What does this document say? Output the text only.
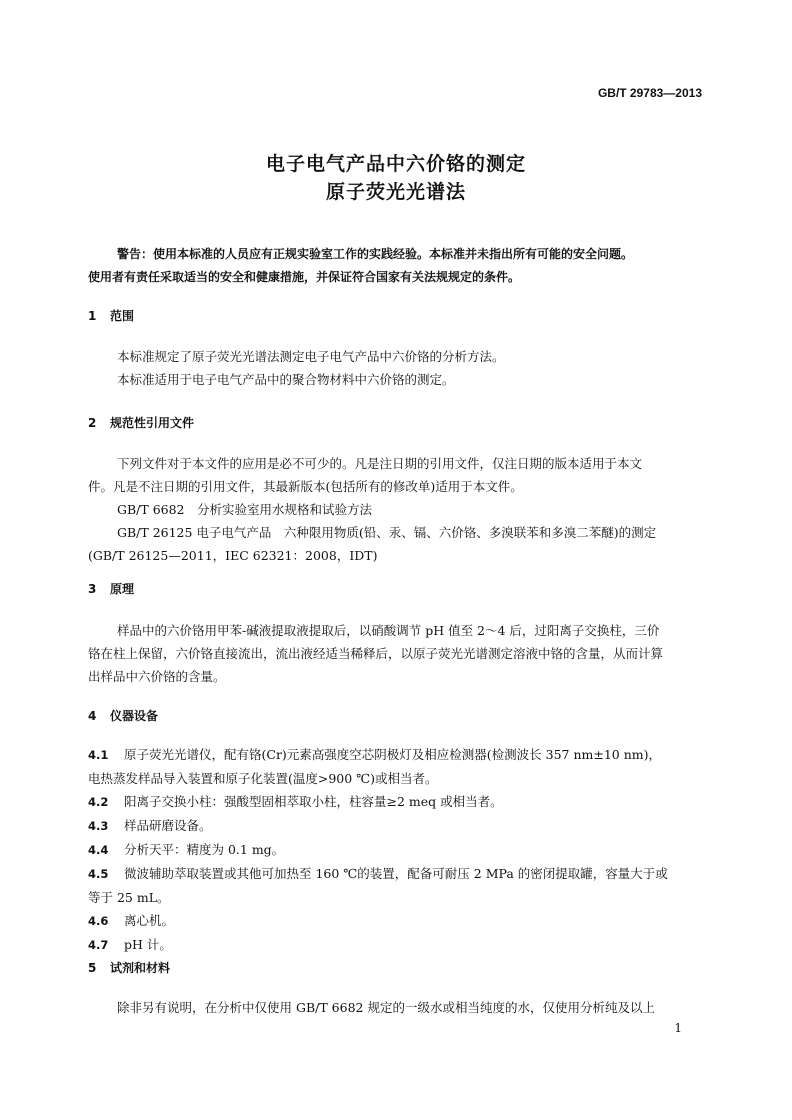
GB/T 29783—2013
电子电气产品中六价铬的测定
原子荧光光谱法
警告：使用本标准的人员应有正规实验室工作的实践经验。本标准并未指出所有可能的安全问题。
使用者有责任采取适当的安全和健康措施，并保证符合国家有关法规规定的条件。
1 范围
本标准规定了原子荧光光谱法测定电子电气产品中六价铬的分析方法。
本标准适用于电子电气产品中的聚合物材料中六价铬的测定。
2 规范性引用文件
下列文件对于本文件的应用是必不可少的。凡是注日期的引用文件，仅注日期的版本适用于本文
件。凡是不注日期的引用文件，其最新版本(包括所有的修改单)适用于本文件。
GB/T 6682　分析实验室用水规格和试验方法
GB/T 26125 电子电气产品　六种限用物质(铅、汞、镉、六价铬、多溴联苯和多溴二苯醚)的测定
(GB/T 26125—2011，IEC 62321：2008，IDT)
3 原理
样品中的六价铬用甲苯-碱液提取液提取后，以硝酸调节 pH 值至 2～4 后，过阳离子交换柱，三价
铬在柱上保留，六价铬直接流出，流出液经适当稀释后，以原子荧光光谱测定溶液中铬的含量，从而计算
出样品中六价铬的含量。
4 仪器设备
4.1 原子荧光光谱仪，配有铬(Cr)元素高强度空芯阴极灯及相应检测器(检测波长 357 nm±10 nm)，
电热蒸发样品导入装置和原子化装置(温度>900 ℃)或相当者。
4.2 阳离子交换小柱：强酸型固相萃取小柱，柱容量≥2 meq 或相当者。
4.3 样品研磨设备。
4.4 分析天平：精度为 0.1 mg。
4.5 微波辅助萃取装置或其他可加热至 160 ℃的装置，配备可耐压 2 MPa 的密闭提取罐，容量大于或
等于 25 mL。
4.6 离心机。
4.7 pH 计。
5 试剂和材料
除非另有说明，在分析中仅使用 GB/T 6682 规定的一级水或相当纯度的水，仅使用分析纯及以上
1
